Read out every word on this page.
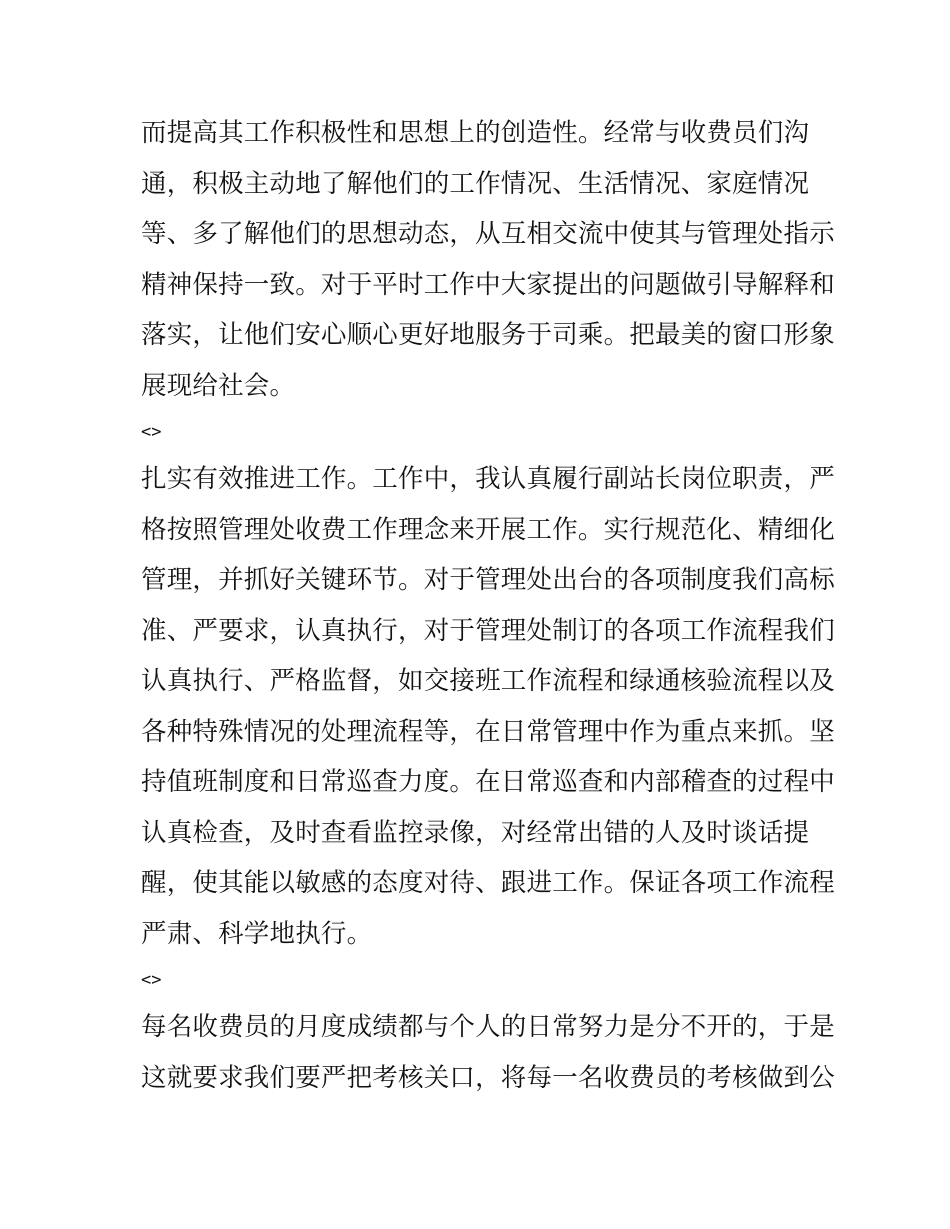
而提高其工作积极性和思想上的创造性。经常与收费员们沟
通，积极主动地了解他们的工作情况、生活情况、家庭情况
等、多了解他们的思想动态，从互相交流中使其与管理处指示
精神保持一致。对于平时工作中大家提出的问题做引导解释和
落实，让他们安心顺心更好地服务于司乘。把最美的窗口形象
展现给社会。
<>
扎实有效推进工作。工作中，我认真履行副站长岗位职责，严
格按照管理处收费工作理念来开展工作。实行规范化、精细化
管理，并抓好关键环节。对于管理处出台的各项制度我们高标
准、严要求，认真执行，对于管理处制订的各项工作流程我们
认真执行、严格监督，如交接班工作流程和绿通核验流程以及
各种特殊情况的处理流程等，在日常管理中作为重点来抓。坚
持值班制度和日常巡查力度。在日常巡查和内部稽查的过程中
认真检查，及时查看监控录像，对经常出错的人及时谈话提
醒，使其能以敏感的态度对待、跟进工作。保证各项工作流程
严肃、科学地执行。
<>
每名收费员的月度成绩都与个人的日常努力是分不开的，于是
这就要求我们要严把考核关口，将每一名收费员的考核做到公
